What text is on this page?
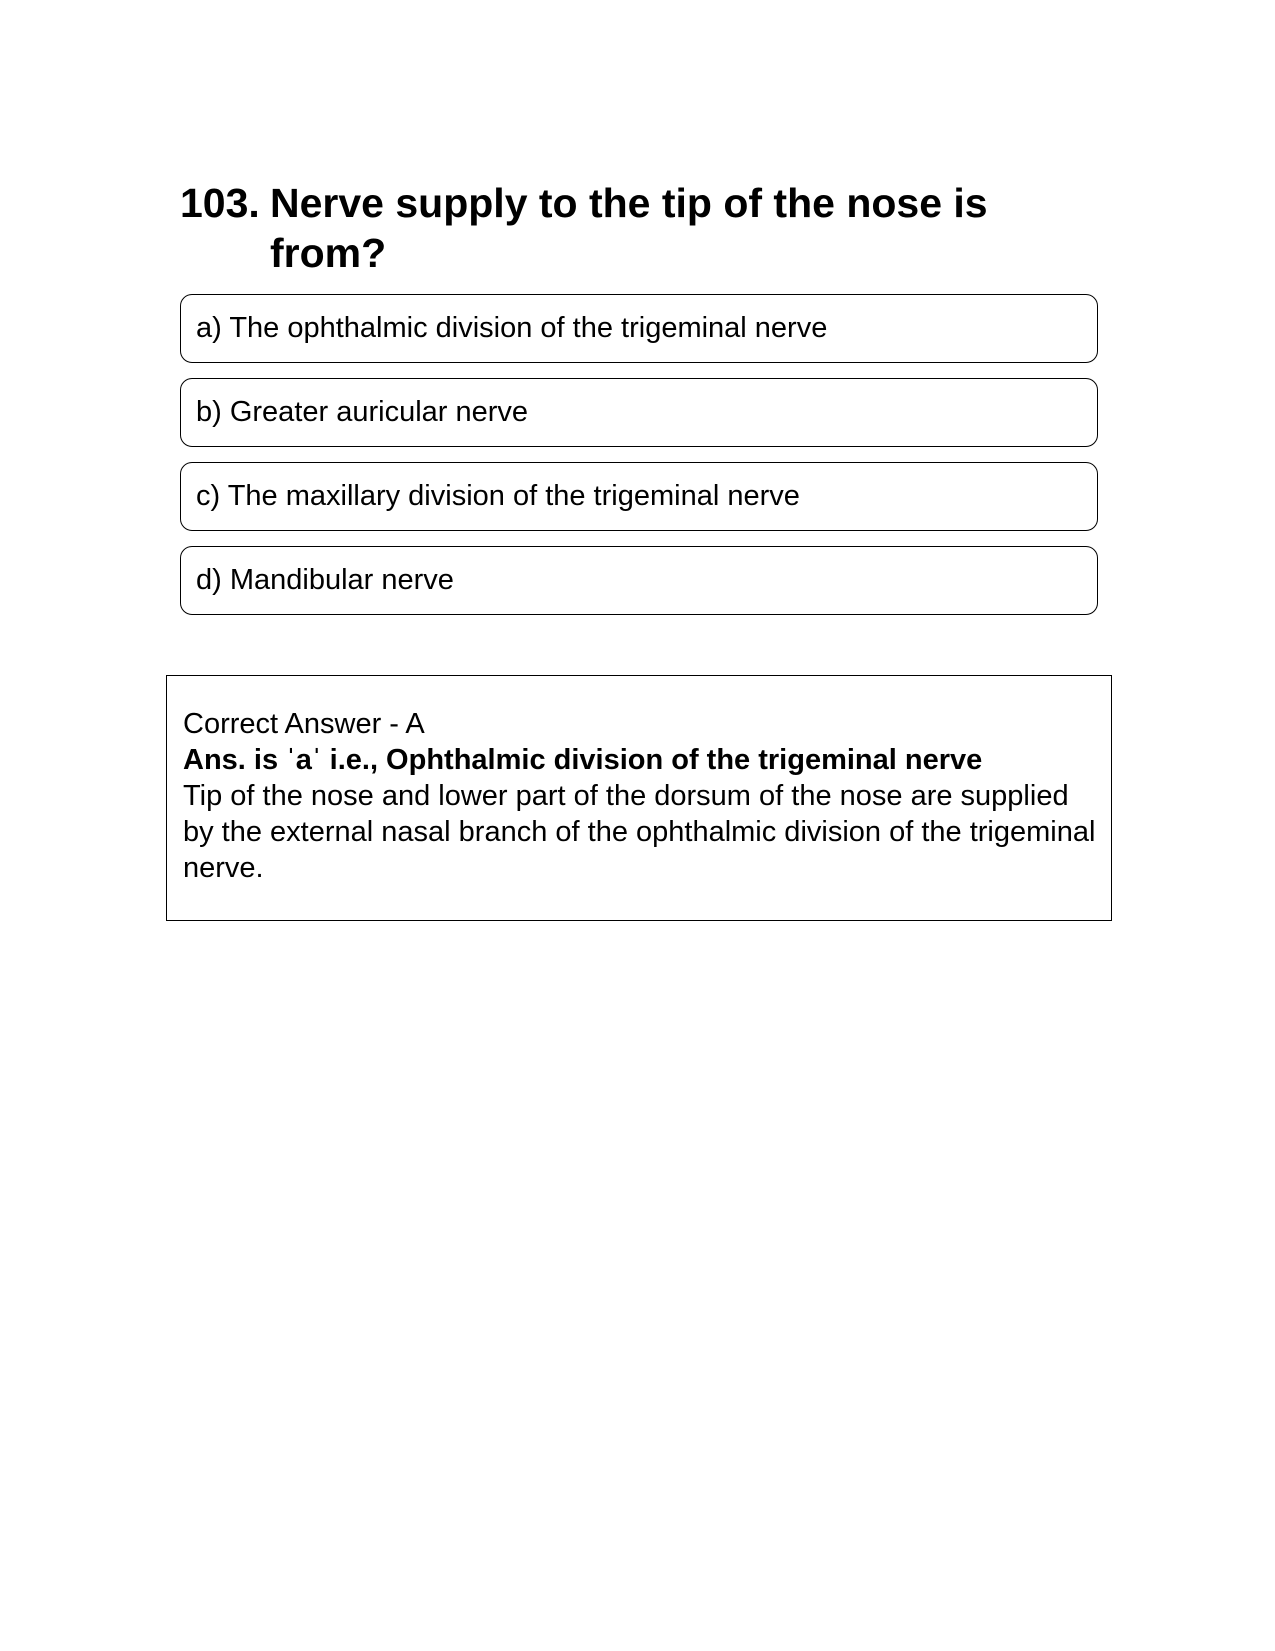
103. Nerve supply to the tip of the nose is from?
a) The ophthalmic division of the trigeminal nerve
b) Greater auricular nerve
c) The maxillary division of the trigeminal nerve
d) Mandibular nerve
Correct Answer - A
Ans. is ˈaˈ i.e., Ophthalmic division of the trigeminal nerve
Tip of the nose and lower part of the dorsum of the nose are supplied by the external nasal branch of the ophthalmic division of the trigeminal nerve.
